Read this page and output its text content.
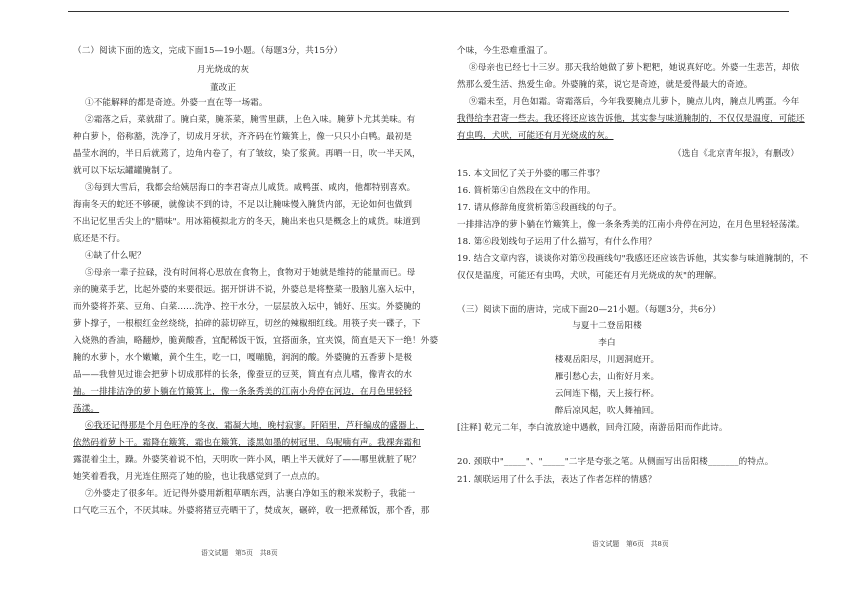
（二）阅读下面的选文，完成下面15—19小题。（每题3分，共15分）
月光烧成的灰
董改正
①不能解释的都是奇迹。外婆一直在等一场霜。
②霜落之后，菜就甜了。腌白菜，腌茶菜，腌雪里蕻，上色入味。腌萝卜尤其美味。有
种白萝卜，俗称豁，洗净了，切成月牙状，齐齐码在竹簸箕上，像一只只小白鸭。最初是
晶莹水润的，半日后就蔫了，边角内卷了，有了皱纹，染了浆黄。再晒一日，吹一半天风，
就可以下坛坛罐罐腌制了。
③每到大雪后，我都会给姨居海口的李君寄点儿咸货。咸鸭蛋、咸肉，他都特别喜欢。
海南冬天的蛇还不够硬，就像读不到的诗，不足以让腌味慢入腌货内部，无论如何也做到
不出记忆里舌尖上的"腊味"。用冰箱模拟北方的冬天，腌出来也只是概念上的咸货。味道到
底还是不行。
④缺了什么呢？
⑤母亲一辈子拉碌，没有时间将心思放在食物上，食物对于她就是维持的能量而已。母
亲的腌菜手艺，比起外婆的来要很远。据开饼讲不说，外婆总是将整菜一股脑儿塞入坛中，
而外婆将芥菜、豆角、白菜……洗净、控干水分，一层层放入坛中，铺好、压实。外婆腌的
萝卜撑子，一根根红金丝绕绕，拍碎的蒜切碎互，切丝的辣椒细红线。用筷子夹一碟子，下
入烧熟的香油，略翻炒，脆黄酸香，宜配稀饭干饭，宜搭面条，宜夹馍，简直是天下一绝！外婆
腌的水萝卜，水个嫩嫩，黄个生生，吃一口，嘎嘣脆，润润的酸。外婆腌的五香萝卜是极
品——我曾见过谁会把萝卜切成那样的长条，像蚕豆的豆荚，简直有点儿嗜，像青衣的水
袖。一排排洁净的萝卜躺在竹簸箕上，像一条条秀美的江南小舟停在河边，在月色里轻轻
荡漾。
⑥我还记得那是个月色旺净的冬夜，霜凝大地，晚村寂寥。阡陌里，芦秆编成的盛器上，
依然码着萝卜干。霜降在簸箕，霜也在簸箕，漆黑如墨的树冠里，鸟呢喃有声。我裸奔霜和
露混着尘土，躁。外婆笑着说不怕，天明吹一阵小风，晒上半天就好了——哪里就脏了呢？
她笑着看我，月光连住照亮了她的脸，也让我感觉到了一点点的。
⑦外婆走了很多年。近记得外婆用新粗草晒东西，沾裹白净如玉的粮米炭粉子，我能一
口气吃三五个，不厌其味。外婆将猪豆壳晒干了，焚成灰，碾碎，收一把煮稀饭，那个香，那
语文试题　第5页　共8页
个味，今生恐难重温了。
⑧母亲也已经七十三岁。那天我给她做了萝卜粑粑，她说真好吃。外婆一生悲苦，却依
然那么爱生活、热爱生命。外婆腌的菜，说它是奇迹，就是爱得最大的奇迹。
⑨霜未至，月色如霜。寄霜落后，今年我要腌点儿萝卜，腌点儿肉，腌点儿鸭蛋。今年
我得给李君寄一些去。我还将还应该告诉他，其实参与味道腌制的，不仅仅是温度，可能还
有虫鸣，犬吠，可能还有月光烧成的灰。
（选自《北京青年报》，有删改）
15. 本文回忆了关于外婆的哪三件事？
16. 简析第④自然段在文中的作用。
17. 请从修辞角度赏析第⑤段画线的句子。
一排排洁净的萝卜躺在竹簸箕上，像一条条秀美的江南小舟停在河边，在月色里轻轻荡漾。
18. 第⑥段划线句子运用了什么描写，有什么作用？
19. 结合文章内容，谈谈你对第⑨段画线句"我感还还应该告诉他，其实参与味道腌制的，不
仅仅是温度，可能还有虫鸣，犬吠，可能还有月光烧成的灰"的理解。
（三）阅读下面的唐诗，完成下面20—21小题。（每题3分，共6分）
与夏十二登岳阳楼
李白
楼观岳阳尽，川迥洞庭开。
雁引愁心去，山衔好月来。
云间连下榻，天上接行杯。
醉后凉风起，吹人舞袖回。
[注释] 乾元二年，李白流放途中遇赦，回舟江陵，南游岳阳而作此诗。
20. 颈联中"_____"、"_____"二字是夸张之笔。从侧面写出岳阳楼_______的特点。
21. 颔联运用了什么手法，表达了作者怎样的情感？
语文试题　第6页　共8页
